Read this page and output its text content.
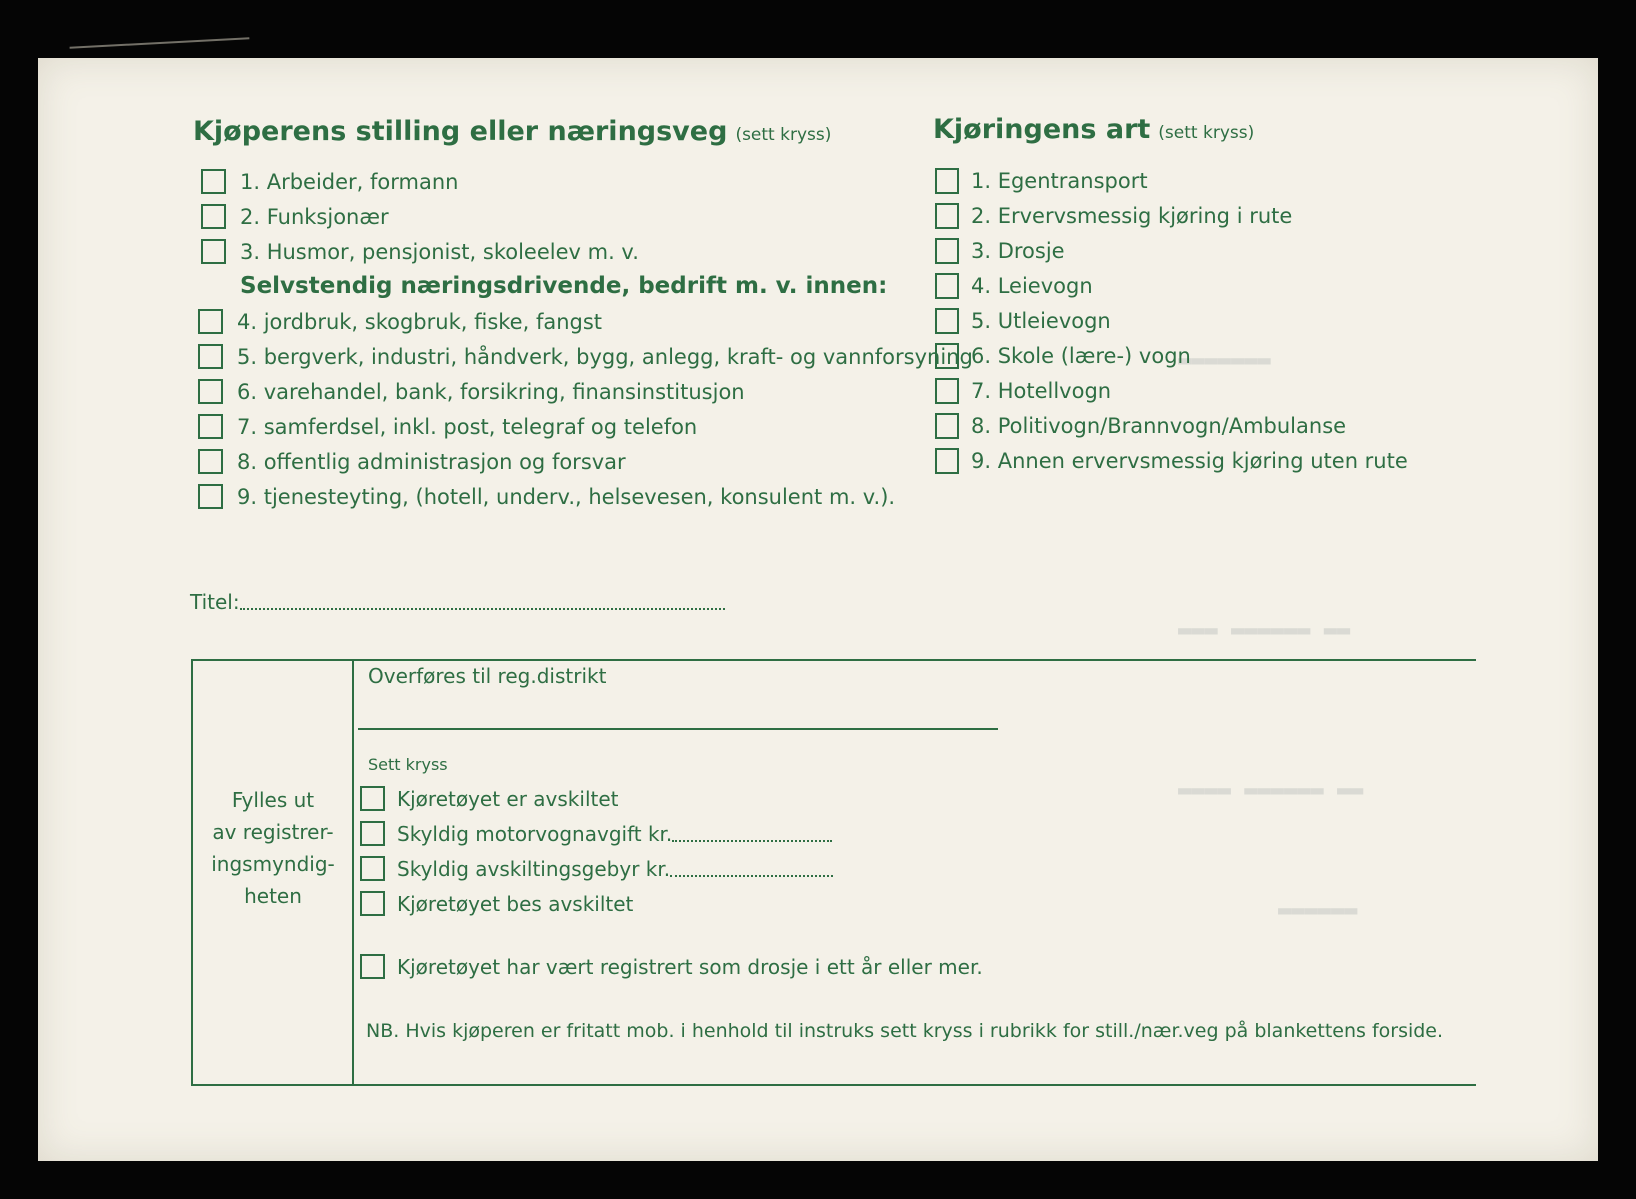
▬▬▬▬▬▬▬
▬▬▬ ▬▬▬▬▬▬ ▬▬
▬▬▬▬ ▬▬▬▬▬▬ ▬▬
▬▬▬▬▬▬
Kjøperens stilling eller næringsveg (sett kryss)
1. Arbeider, formann
2. Funksjonær
3. Husmor, pensjonist, skoleelev m. v.
Selvstendig næringsdrivende, bedrift m. v. innen:
4. jordbruk, skogbruk, fiske, fangst
5. bergverk, industri, håndverk, bygg, anlegg, kraft- og vannforsyning
6. varehandel, bank, forsikring, finansinstitusjon
7. samferdsel, inkl. post, telegraf og telefon
8. offentlig administrasjon og forsvar
9. tjenesteyting, (hotell, underv., helsevesen, konsulent m. v.).
Titel:
Kjøringens art (sett kryss)
1. Egentransport
2. Ervervsmessig kjøring i rute
3. Drosje
4. Leievogn
5. Utleievogn
6. Skole (lære-) vogn
7. Hotellvogn
8. Politivogn/Brannvogn/Ambulanse
9. Annen ervervsmessig kjøring uten rute
Fylles ut
av registrer-
ingsmyndig-
heten
Overføres til reg.distrikt
Sett kryss
Kjøretøyet er avskiltet
Skyldig motorvognavgift kr.
Skyldig avskiltingsgebyr kr.
Kjøretøyet bes avskiltet
Kjøretøyet har vært registrert som drosje i ett år eller mer.
NB. Hvis kjøperen er fritatt mob. i henhold til instruks sett kryss i rubrikk for still./nær.veg på blankettens forside.
